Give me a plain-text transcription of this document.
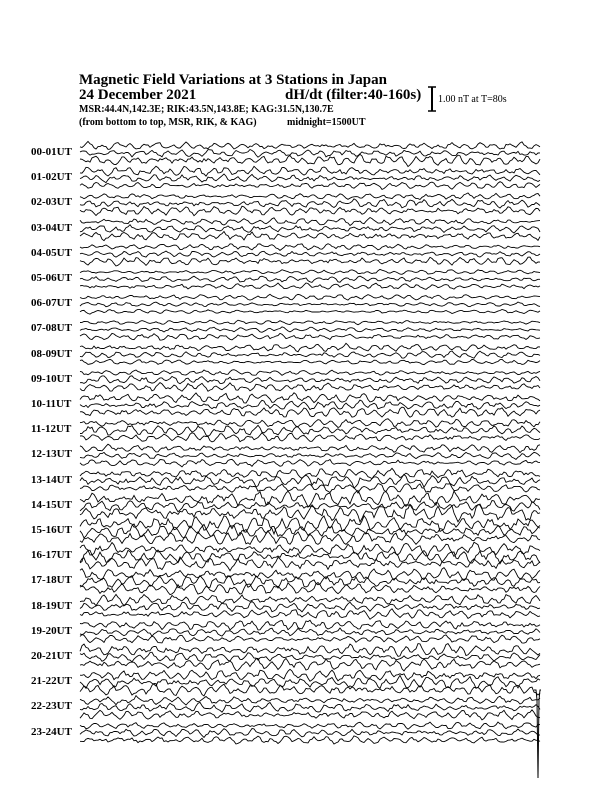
Magnetic Field Variations at 3 Stations in Japan
24 December 2021	dH/dt (filter:40-160s)
MSR:44.4N,142.3E; RIK:43.5N,143.8E; KAG:31.5N,130.7E
(from bottom to top, MSR, RIK, & KAG)	midnight=1500UT
1.00 nT at T=80s
00-01UT
01-02UT
02-03UT
03-04UT
04-05UT
05-06UT
06-07UT
07-08UT
08-09UT
09-10UT
10-11UT
11-12UT
12-13UT
13-14UT
14-15UT
15-16UT
16-17UT
17-18UT
18-19UT
19-20UT
20-21UT
21-22UT
22-23UT
23-24UT
